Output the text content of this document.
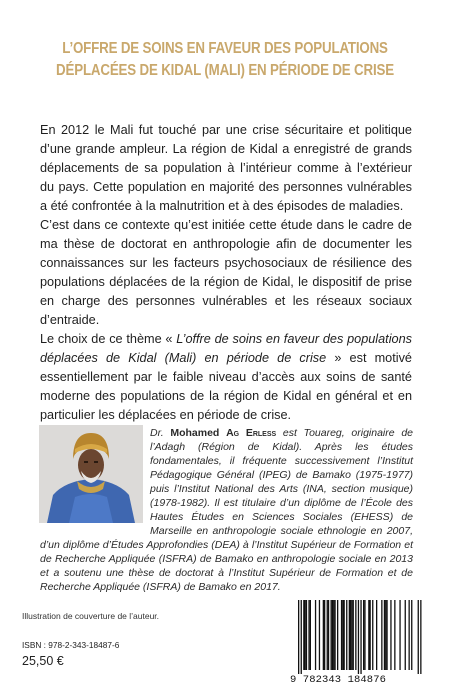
L’OFFRE DE SOINS EN FAVEUR DES POPULATIONS
DÉPLACÉES DE KIDAL (MALI) EN PÉRIODE DE CRISE

En 2012 le Mali fut touché par une crise sécuritaire et politique d’une grande ampleur. La région de Kidal a enregistré de grands déplacements de sa population à l’intérieur comme à l’extérieur du pays. Cette population en majorité des personnes vulnérables a été confrontée à la malnutrition et à des épisodes de maladies.

C’est dans ce contexte qu’est initiée cette étude dans le cadre de ma thèse de doctorat en anthropologie afin de documenter les connaissances sur les facteurs psychosociaux de résilience des populations déplacées de la région de Kidal, le dispositif de prise en charge des personnes vulnérables et les réseaux sociaux d’entraide.

Le choix de ce thème « L’offre de soins en faveur des populations déplacées de Kidal (Mali) en période de crise » est motivé essentiellement par le faible niveau d’accès aux soins de santé moderne des populations de la région de Kidal en général et en particulier les déplacées en période de crise.

Dr. Mohamed Ag Erless est Touareg, originaire de l’Adagh (Région de Kidal). Après les études fondamentales, il fréquente successivement l’Institut Pédagogique Général (IPEG) de Bamako (1975-1977) puis l’Institut National des Arts (INA, section musique) (1978-1982). Il est titulaire d’un diplôme de l’École des Hautes Études en Sciences Sociales (EHESS) de Marseille en anthropologie sociale ethnologie en 2007, d’un diplôme d’Études Approfondies (DEA) à l’Institut Supérieur de Formation et de Recherche Appliquée (ISFRA) de Bamako en anthropologie sociale en 2013 et a soutenu une thèse de doctorat à l’Institut Supérieur de Formation et de Recherche Appliquée (ISFRA) de Bamako en 2017.
Illustration de couverture de l’auteur.
ISBN : 978-2-343-18487-6
25,50 €
9 782343 184876
